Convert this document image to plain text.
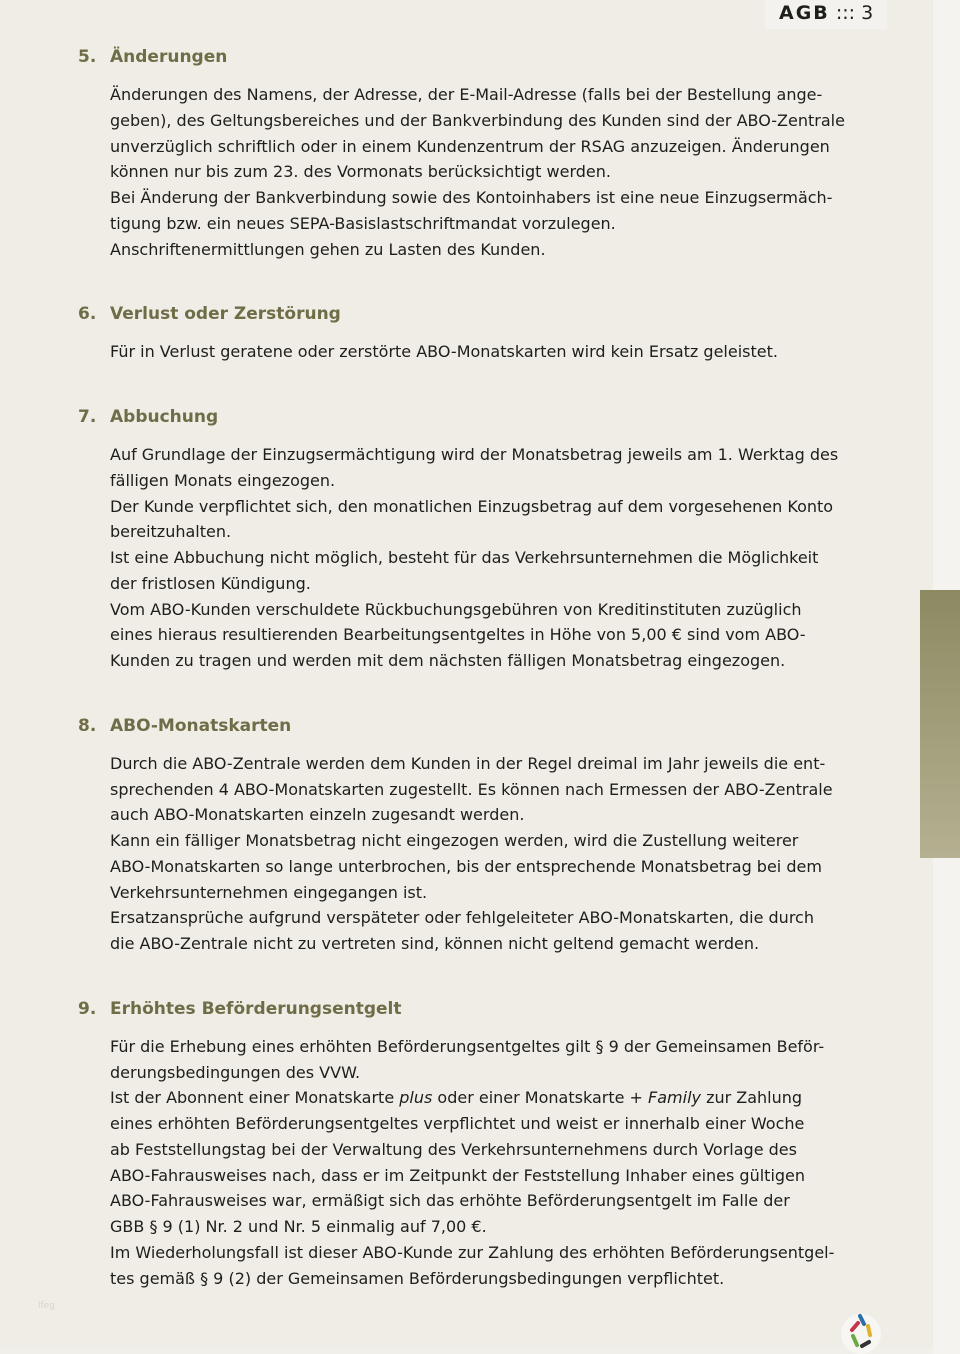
AGB ::: 3
5. Änderungen
Änderungen des Namens, der Adresse, der E-Mail-Adresse (falls bei der Bestellung ange-
geben), des Geltungsbereiches und der Bankverbindung des Kunden sind der ABO-Zentrale
unverzüglich schriftlich oder in einem Kundenzentrum der RSAG anzuzeigen. Änderungen
können nur bis zum 23. des Vormonats berücksichtigt werden.
Bei Änderung der Bankverbindung sowie des Kontoinhabers ist eine neue Einzugsermäch-
tigung bzw. ein neues SEPA-Basislastschriftmandat vorzulegen.
Anschriftenermittlungen gehen zu Lasten des Kunden.
6. Verlust oder Zerstörung
Für in Verlust geratene oder zerstörte ABO-Monatskarten wird kein Ersatz geleistet.
7. Abbuchung
Auf Grundlage der Einzugsermächtigung wird der Monatsbetrag jeweils am 1. Werktag des
fälligen Monats eingezogen.
Der Kunde verpflichtet sich, den monatlichen Einzugsbetrag auf dem vorgesehenen Konto
bereitzuhalten.
Ist eine Abbuchung nicht möglich, besteht für das Verkehrsunternehmen die Möglichkeit
der fristlosen Kündigung.
Vom ABO-Kunden verschuldete Rückbuchungsgebühren von Kreditinstituten zuzüglich
eines hieraus resultierenden Bearbeitungsentgeltes in Höhe von 5,00 € sind vom ABO-
Kunden zu tragen und werden mit dem nächsten fälligen Monatsbetrag eingezogen.
8. ABO-Monatskarten
Durch die ABO-Zentrale werden dem Kunden in der Regel dreimal im Jahr jeweils die ent-
sprechenden 4 ABO-Monatskarten zugestellt. Es können nach Ermessen der ABO-Zentrale
auch ABO-Monatskarten einzeln zugesandt werden.
Kann ein fälliger Monatsbetrag nicht eingezogen werden, wird die Zustellung weiterer
ABO-Monatskarten so lange unterbrochen, bis der entsprechende Monatsbetrag bei dem
Verkehrsunternehmen eingegangen ist.
Ersatzansprüche aufgrund verspäteter oder fehlgeleiteter ABO-Monatskarten, die durch
die ABO-Zentrale nicht zu vertreten sind, können nicht geltend gemacht werden.
9. Erhöhtes Beförderungsentgelt
Für die Erhebung eines erhöhten Beförderungsentgeltes gilt § 9 der Gemeinsamen Beför-
derungsbedingungen des VVW.
Ist der Abonnent einer Monatskarte plus oder einer Monatskarte + Family zur Zahlung
eines erhöhten Beförderungsentgeltes verpflichtet und weist er innerhalb einer Woche
ab Feststellungstag bei der Verwaltung des Verkehrsunternehmens durch Vorlage des
ABO-Fahrausweises nach, dass er im Zeitpunkt der Feststellung Inhaber eines gültigen
ABO-Fahrausweises war, ermäßigt sich das erhöhte Beförderungsentgelt im Falle der
GBB § 9 (1) Nr. 2 und Nr. 5 einmalig auf 7,00 €.
Im Wiederholungsfall ist dieser ABO-Kunde zur Zahlung des erhöhten Beförderungsentgel-
tes gemäß § 9 (2) der Gemeinsamen Beförderungsbedingungen verpflichtet.
lfeg
